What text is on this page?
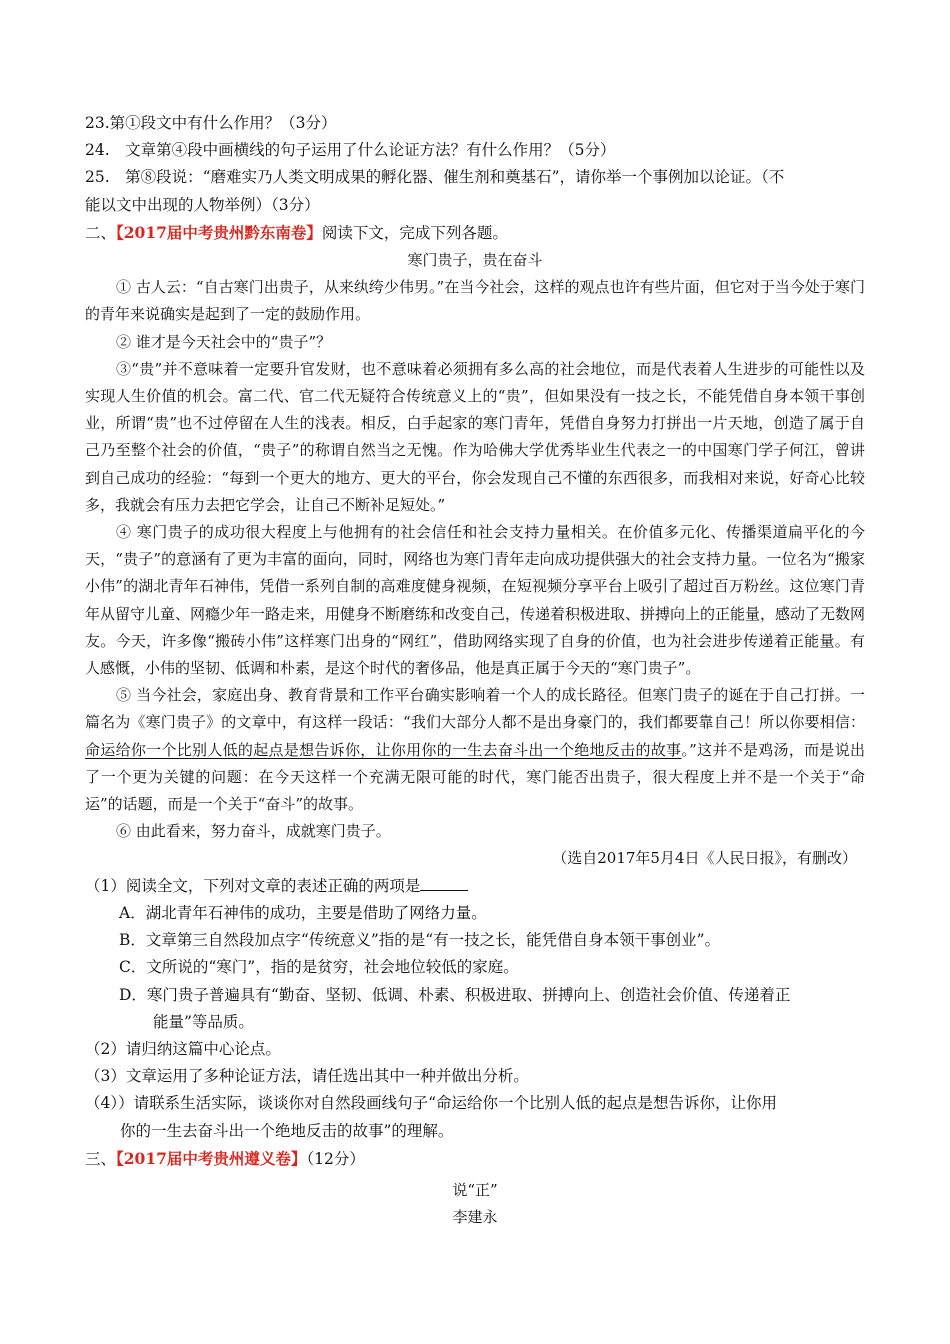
23.第①段文中有什么作用？（3分）
24.　文章第④段中画横线的句子运用了什么论证方法？有什么作用？（5分）
25.　第⑧段说：“磨难实乃人类文明成果的孵化器、催生剂和奠基石”，请你举一个事例加以论证。（不
能以文中出现的人物举例）（3分）
二、【2017届中考贵州黔东南卷】阅读下文，完成下列各题。
寒门贵子，贵在奋斗
① 古人云：“自古寒门出贵子，从来纨绔少伟男。”在当今社会，这样的观点也许有些片面，但它对于当今处于寒门的青年来说确实是起到了一定的鼓励作用。
② 谁才是今天社会中的“贵子”？
③“贵”并不意味着一定要升官发财，也不意味着必须拥有多么高的社会地位，而是代表着人生进步的可能性以及实现人生价值的机会。富二代、官二代无疑符合传统意义上的“贵”，但如果没有一技之长，不能凭借自身本领干事创业，所谓“贵”也不过停留在人生的浅表。相反，白手起家的寒门青年，凭借自身努力打拼出一片天地，创造了属于自己乃至整个社会的价值，“贵子”的称谓自然当之无愧。作为哈佛大学优秀毕业生代表之一的中国寒门学子何江，曾讲到自己成功的经验：“每到一个更大的地方、更大的平台，你会发现自己不懂的东西很多，而我相对来说，好奇心比较多，我就会有压力去把它学会，让自己不断补足短处。”
④ 寒门贵子的成功很大程度上与他拥有的社会信任和社会支持力量相关。在价值多元化、传播渠道扁平化的今天，“贵子”的意涵有了更为丰富的面向，同时，网络也为寒门青年走向成功提供强大的社会支持力量。一位名为“搬家小伟”的湖北青年石神伟，凭借一系列自制的高难度健身视频，在短视频分享平台上吸引了超过百万粉丝。这位寒门青年从留守儿童、网瘾少年一路走来，用健身不断磨练和改变自己，传递着积极进取、拼搏向上的正能量，感动了无数网友。今天，许多像“搬砖小伟”这样寒门出身的“网红”，借助网络实现了自身的价值，也为社会进步传递着正能量。有人感慨，小伟的坚韧、低调和朴素，是这个时代的奢侈品，他是真正属于今天的“寒门贵子”。
⑤ 当今社会，家庭出身、教育背景和工作平台确实影响着一个人的成长路径。但寒门贵子的诞在于自己打拼。一篇名为《寒门贵子》的文章中，有这样一段话：“我们大部分人都不是出身豪门的，我们都要靠自己！所以你要相信：命运给你一个比别人低的起点是想告诉你，让你用你的一生去奋斗出一个绝地反击的故事。”这并不是鸡汤，而是说出了一个更为关键的问题：在今天这样一个充满无限可能的时代，寒门能否出贵子，很大程度上并不是一个关于“命运”的话题，而是一个关于“奋斗”的故事。
⑥ 由此看来，努力奋斗，成就寒门贵子。
（选自2017年5月4日《人民日报》，有删改）
（1）阅读全文，下列对文章的表述正确的两项是
A．湖北青年石神伟的成功，主要是借助了网络力量。
B．文章第三自然段加点字“传统意义”指的是“有一技之长，能凭借自身本领干事创业”。
C．文所说的“寒门”，指的是贫穷，社会地位较低的家庭。
D．寒门贵子普遍具有“勤奋、坚韧、低调、朴素、积极进取、拼搏向上、创造社会价值、传递着正
能量”等品质。
（2）请归纳这篇中心论点。
（3）文章运用了多种论证方法，请任选出其中一种并做出分析。
（4））请联系生活实际，谈谈你对自然段画线句子“命运给你一个比别人低的起点是想告诉你，让你用
你的一生去奋斗出一个绝地反击的故事”的理解。
三、【2017届中考贵州遵义卷】（12分）
说“正”
李建永
